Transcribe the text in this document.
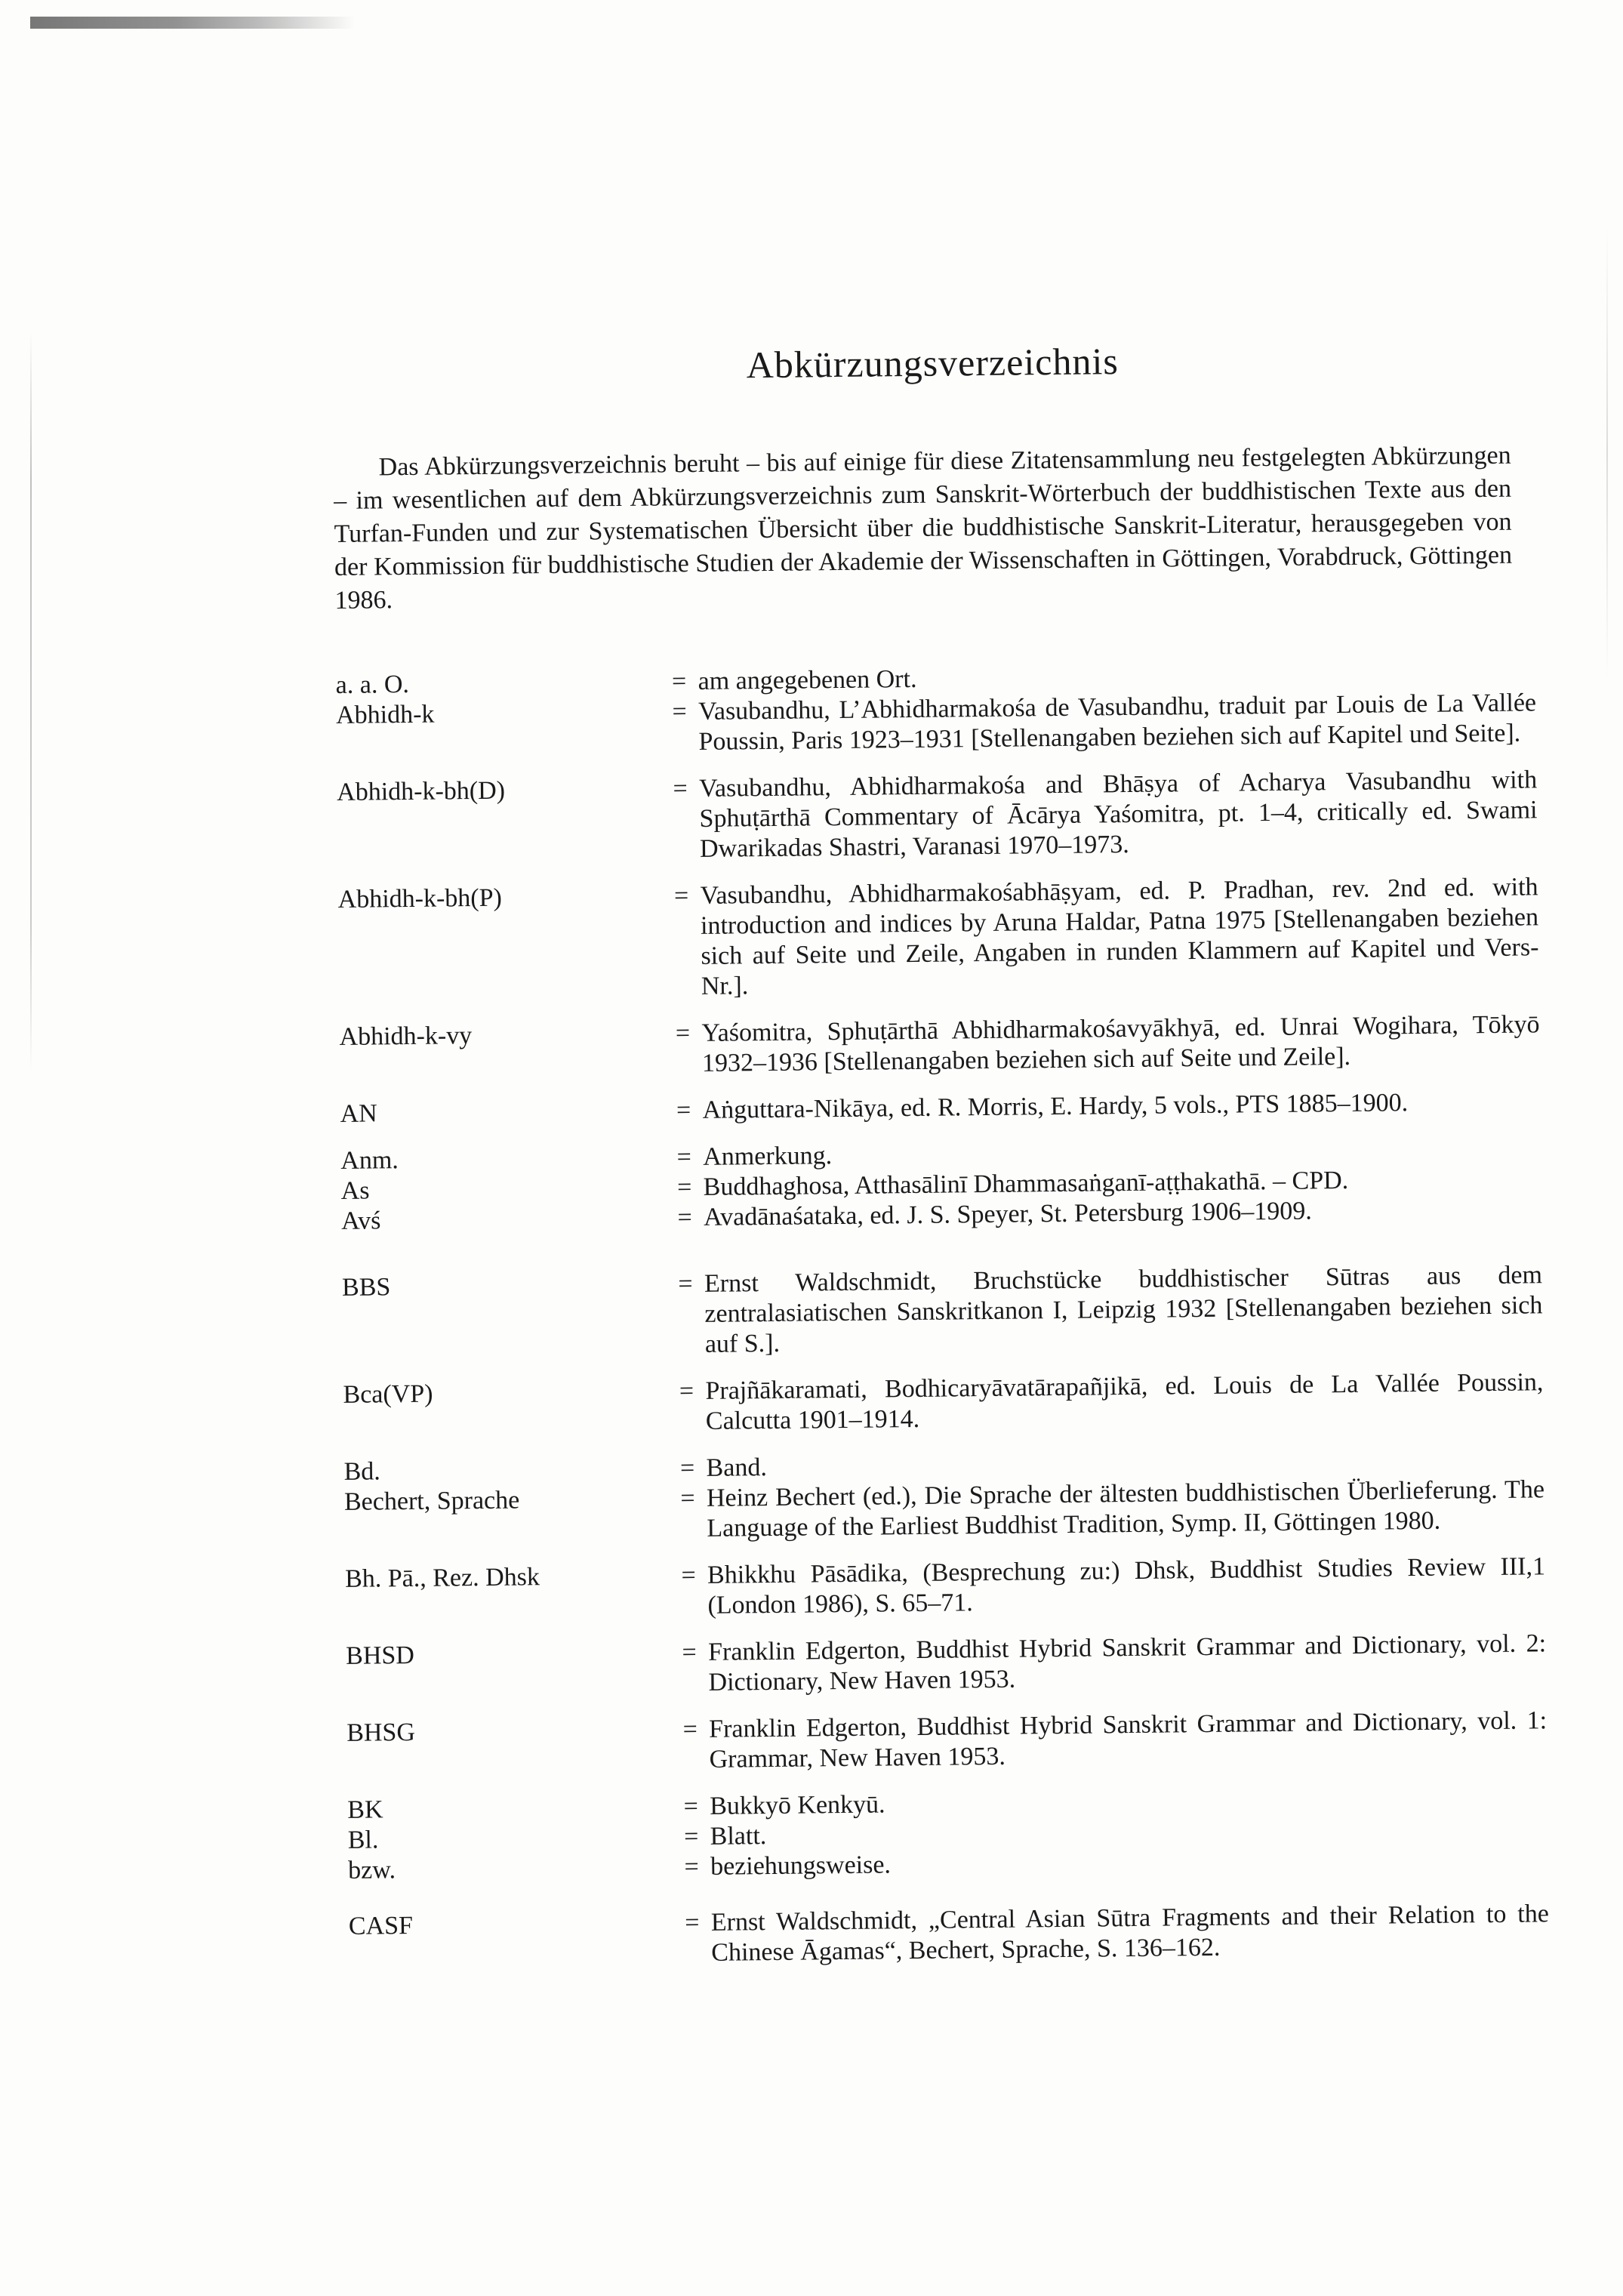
Abkürzungsverzeichnis

Das Abkürzungsverzeichnis beruht – bis auf einige für diese Zitatensammlung neu festgelegten Abkürzungen – im wesentlichen auf dem Abkürzungsverzeichnis zum Sanskrit-Wörterbuch der buddhistischen Texte aus den Turfan-Funden und zur Systematischen Übersicht über die buddhistische Sanskrit-Literatur, herausgegeben von der Kommission für buddhistische Studien der Akademie der Wissenschaften in Göttingen, Vorabdruck, Göttingen 1986.

a. a. O.	= am angegebenen Ort.
Abhidh-k	= Vasubandhu, L’Abhidharmakośa de Vasubandhu, traduit par Louis de La Vallée Poussin, Paris 1923–1931 [Stellenangaben beziehen sich auf Kapitel und Seite].
Abhidh-k-bh(D)	= Vasubandhu, Abhidharmakośa and Bhāṣya of Acharya Vasubandhu with Sphuṭārthā Commentary of Ācārya Yaśomitra, pt. 1–4, critically ed. Swami Dwarikadas Shastri, Varanasi 1970–1973.
Abhidh-k-bh(P)	= Vasubandhu, Abhidharmakośabhāṣyam, ed. P. Pradhan, rev. 2nd ed. with introduction and indices by Aruna Haldar, Patna 1975 [Stellenangaben beziehen sich auf Seite und Zeile, Angaben in runden Klammern auf Kapitel und Vers-Nr.].
Abhidh-k-vy	= Yaśomitra, Sphuṭārthā Abhidharmakośavyākhyā, ed. Unrai Wogihara, Tōkyō 1932–1936 [Stellenangaben beziehen sich auf Seite und Zeile].
AN	= Aṅguttara-Nikāya, ed. R. Morris, E. Hardy, 5 vols., PTS 1885–1900.
Anm.	= Anmerkung.
As	= Buddhaghosa, Atthasālinī Dhammasaṅganī-aṭṭhakathā. – CPD.
Avś	= Avadānaśataka, ed. J. S. Speyer, St. Petersburg 1906–1909.
BBS	= Ernst Waldschmidt, Bruchstücke buddhistischer Sūtras aus dem zentralasiatischen Sanskritkanon I, Leipzig 1932 [Stellenangaben beziehen sich auf S.].
Bca(VP)	= Prajñākaramati, Bodhicaryāvatārapañjikā, ed. Louis de La Vallée Poussin, Calcutta 1901–1914.
Bd.	= Band.
Bechert, Sprache	= Heinz Bechert (ed.), Die Sprache der ältesten buddhistischen Überlieferung. The Language of the Earliest Buddhist Tradition, Symp. II, Göttingen 1980.
Bh. Pā., Rez. Dhsk	= Bhikkhu Pāsādika, (Besprechung zu:) Dhsk, Buddhist Studies Review III,1 (London 1986), S. 65–71.
BHSD	= Franklin Edgerton, Buddhist Hybrid Sanskrit Grammar and Dictionary, vol. 2: Dictionary, New Haven 1953.
BHSG	= Franklin Edgerton, Buddhist Hybrid Sanskrit Grammar and Dictionary, vol. 1: Grammar, New Haven 1953.
BK	= Bukkyō Kenkyū.
Bl.	= Blatt.
bzw.	= beziehungsweise.
CASF	= Ernst Waldschmidt, „Central Asian Sūtra Fragments and their Relation to the Chinese Āgamas“, Bechert, Sprache, S. 136–162.
